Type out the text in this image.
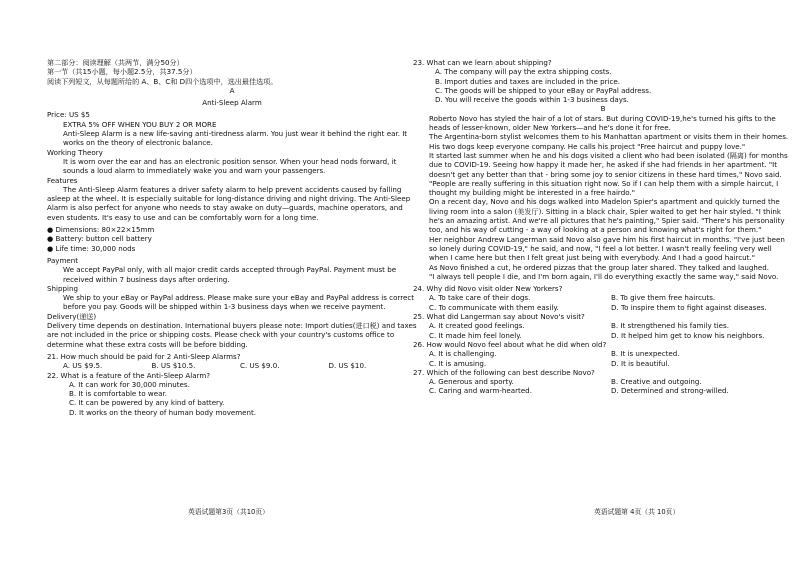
第二部分：阅读理解（共两节，满分50分）

第一节（共15小题，每小题2.5分，共37.5分）

阅读下列短文，从每题所给的 A、B、C和 D四个选项中，选出最佳选项。

A

Anti-Sleep Alarm

Price: US $5

EXTRA 5% OFF WHEN YOU BUY 2 OR MORE

Anti-Sleep Alarm is a new life-saving anti-tiredness alarm. You just wear it behind the right ear. It works on the theory of electronic balance.

Working Theory

It is worn over the ear and has an electronic position sensor. When your head nods forward, it sounds a loud alarm to immediately wake you and warn your passengers.

Features

The Anti-Sleep Alarm features a driver safety alarm to help prevent accidents caused by falling

asleep at the wheel. It is especially suitable for long-distance driving and night driving. The Anti-Sleep Alarm is also perfect for anyone who needs to stay awake on duty—guards, machine operators, and even students. It's easy to use and can be comfortably worn for a long time.

● Dimensions: 80×22×15mm

● Battery: button cell battery

● Life time: 30,000 nods

Payment

We accept PayPal only, with all major credit cards accepted through PayPal. Payment must be received within 7 business days after ordering.

Shipping

We ship to your eBay or PayPal address. Please make sure your eBay and PayPal address is correct before you pay. Goods will be shipped within 1-3 business days when we receive payment.

Delivery(递送)

Delivery time depends on destination. International buyers please note: Import duties(进口税) and taxes are not included in the price or shipping costs. Please check with your country's customs office to determine what these extra costs will be before bidding.

21. How much should be paid for 2 Anti-Sleep Alarms?

A. US $9.5.	B. US $10.5.	C. US $9.0.	D. US $10.

22. What is a feature of the Anti-Sleep Alarm?

A. It can work for 30,000 minutes.

B. It is comfortable to wear.

C. It can be powered by any kind of battery.

D. It works on the theory of human body movement.

23. What can we learn about shipping?

A. The company will pay the extra shipping costs.

B. Import duties and taxes are included in the price.

C. The goods will be shipped to your eBay or PayPal address.

D. You will receive the goods within 1-3 business days.

B

Roberto Novo has styled the hair of a lot of stars. But during COVID-19,he's turned his gifts to the heads of lesser-known, older New Yorkers—and he's done it for free.

The Argentina-born stylist welcomes them to his Manhattan apartment or visits them in their homes. His two dogs keep everyone company. He calls his project "Free haircut and puppy love."

It started last summer when he and his dogs visited a client who had been isolated (隔离) for months due to COVID-19. Seeing how happy it made her, he asked if she had friends in her apartment. "It doesn't get any better than that - bring some joy to senior citizens in these hard times," Novo said. "People are really suffering in this situation right now. So if I can help them with a simple haircut, I thought my building might be interested in a free hairdo."

On a recent day, Novo and his dogs walked into Madelon Spier's apartment and quickly turned the living room into a salon (美发厅). Sitting in a black chair, Spier waited to get her hair styled. "I think he's an amazing artist. And we're all pictures that he's painting," Spier said. "There's his personality too, and his way of cutting - a way of looking at a person and knowing what's right for them."

Her neighbor Andrew Langerman said Novo also gave him his first haircut in months. "I've just been so lonely during COVID-19," he said, and now, "I feel a lot better. I wasn't really feeling very well when I came here but then I felt great just being with everybody. And I had a good haircut."

As Novo finished a cut, he ordered pizzas that the group later shared. They talked and laughed.

"I always tell people I die, and I'm born again, I'll do everything exactly the same way," said Novo.

24. Why did Novo visit older New Yorkers?

A. To take care of their dogs.	B. To give them free haircuts.
C. To communicate with them easily.	D. To inspire them to fight against diseases.

25. What did Langerman say about Novo's visit?

A. It created good feelings.	B. It strengthened his family ties.
C. It made him feel lonely.	D. It helped him get to know his neighbors.

26. How would Novo feel about what he did when old?

A. It is challenging.	B. It is unexpected.
C. It is amusing.	D. It is beautiful.

27. Which of the following can best describe Novo?

A. Generous and sporty.	B. Creative and outgoing.
C. Caring and warm-hearted.	D. Determined and strong-willed.
英语试题第3页（共10页）	英语试题第 4页（共 10页）
